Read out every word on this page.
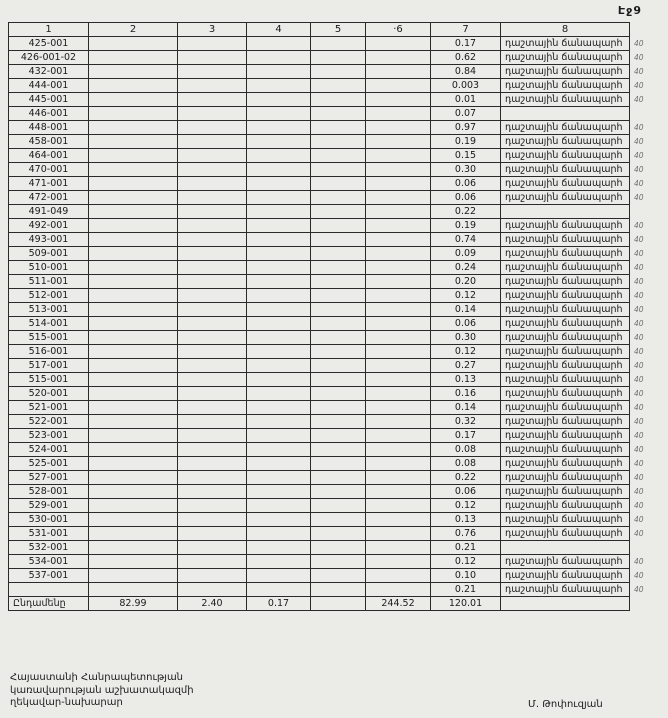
Էջ9
1	2	3	4	5	·6	7	8	
425-001						0.17	դաշտային ճանապարհ	40
426-001-02						0.62	դաշտային ճանապարհ	40
432-001						0.84	դաշտային ճանապարհ	40
444-001						0.003	դաշտային ճանապարհ	40
445-001						0.01	դաշտային ճանապարհ	40
446-001						0.07		
448-001						0.97	դաշտային ճանապարհ	40
458-001						0.19	դաշտային ճանապարհ	40
464-001						0.15	դաշտային ճանապարհ	40
470-001						0.30	դաշտային ճանապարհ	40
471-001						0.06	դաշտային ճանապարհ	40
472-001						0.06	դաշտային ճանապարհ	40
491-049						0.22		
492-001						0.19	դաշտային ճանապարհ	40
493-001						0.74	դաշտային ճանապարհ	40
509-001						0.09	դաշտային ճանապարհ	40
510-001						0.24	դաշտային ճանապարհ	40
511-001						0.20	դաշտային ճանապարհ	40
512-001						0.12	դաշտային ճանապարհ	40
513-001						0.14	դաշտային ճանապարհ	40
514-001						0.06	դաշտային ճանապարհ	40
515-001						0.30	դաշտային ճանապարհ	40
516-001						0.12	դաշտային ճանապարհ	40
517-001						0.27	դաշտային ճանապարհ	40
515-001						0.13	դաշտային ճանապարհ	40
520-001						0.16	դաշտային ճանապարհ	40
521-001						0.14	դաշտային ճանապարհ	40
522-001						0.32	դաշտային ճանապարհ	40
523-001						0.17	դաշտային ճանապարհ	40
524-001						0.08	դաշտային ճանապարհ	40
525-001						0.08	դաշտային ճանապարհ	40
527-001						0.22	դաշտային ճանապարհ	40
528-001						0.06	դաշտային ճանապարհ	40
529-001						0.12	դաշտային ճանապարհ	40
530-001						0.13	դաշտային ճանապարհ	40
531-001						0.76	դաշտային ճանապարհ	40
532-001						0.21		
534-001						0.12	դաշտային ճանապարհ	40
537-001						0.10	դաշտային ճանապարհ	40
						0.21	դաշտային ճանապարհ	40
Ընդամենը	82.99	2.40	0.17		244.52	120.01		
Հայաստանի Հանրապետության
կառավարության աշխատակազմի
ղեկավար-նախարար	Մ. Թոփուզյան
